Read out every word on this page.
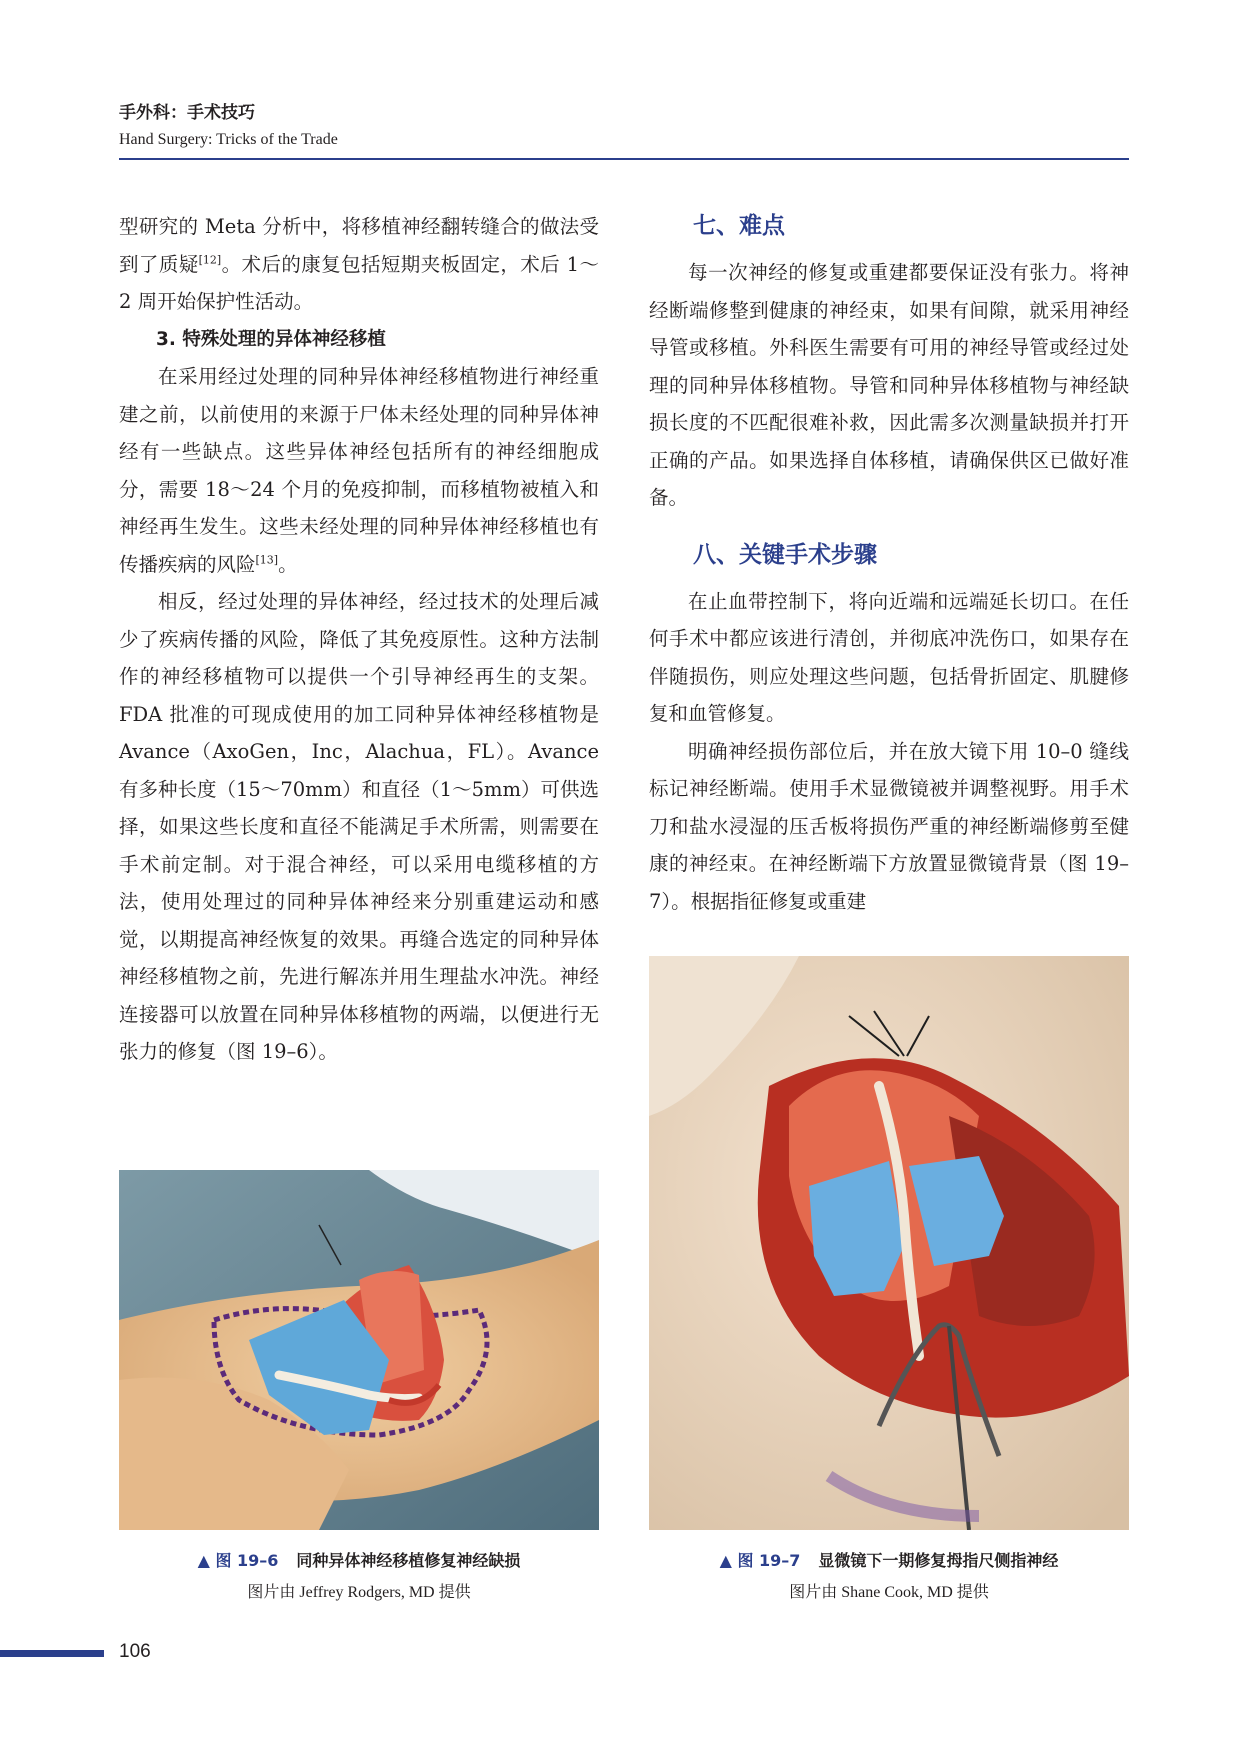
手外科：手术技巧
Hand Surgery: Tricks of the Trade

型研究的 Meta 分析中，将移植神经翻转缝合的做法受到了质疑[12]。术后的康复包括短期夹板固定，术后 1～2 周开始保护性活动。

3. 特殊处理的异体神经移植

在采用经过处理的同种异体神经移植物进行神经重建之前，以前使用的来源于尸体未经处理的同种异体神经有一些缺点。这些异体神经包括所有的神经细胞成分，需要 18～24 个月的免疫抑制，而移植物被植入和神经再生发生。这些未经处理的同种异体神经移植也有传播疾病的风险[13]。

相反，经过处理的异体神经，经过技术的处理后减少了疾病传播的风险，降低了其免疫原性。这种方法制作的神经移植物可以提供一个引导神经再生的支架。FDA 批准的可现成使用的加工同种异体神经移植物是 Avance（AxoGen，Inc，Alachua，FL）。Avance 有多种长度（15～70mm）和直径（1～5mm）可供选择，如果这些长度和直径不能满足手术所需，则需要在手术前定制。对于混合神经，可以采用电缆移植的方法，使用处理过的同种异体神经来分别重建运动和感觉，以期提高神经恢复的效果。再缝合选定的同种异体神经移植物之前，先进行解冻并用生理盐水冲洗。神经连接器可以放置在同种异体移植物的两端，以便进行无张力的修复（图 19–6）。

七、难点

每一次神经的修复或重建都要保证没有张力。将神经断端修整到健康的神经束，如果有间隙，就采用神经导管或移植。外科医生需要有可用的神经导管或经过处理的同种异体移植物。导管和同种异体移植物与神经缺损长度的不匹配很难补救，因此需多次测量缺损并打开正确的产品。如果选择自体移植，请确保供区已做好准备。

八、关键手术步骤

在止血带控制下，将向近端和远端延长切口。在任何手术中都应该进行清创，并彻底冲洗伤口，如果存在伴随损伤，则应处理这些问题，包括骨折固定、肌腱修复和血管修复。

明确神经损伤部位后，并在放大镜下用 10–0 缝线标记神经断端。使用手术显微镜被并调整视野。用手术刀和盐水浸湿的压舌板将损伤严重的神经断端修剪至健康的神经束。在神经断端下方放置显微镜背景（图 19–7）。根据指征修复或重建

▲ 图 19–6 同种异体神经移植修复神经缺损
图片由 Jeffrey Rodgers, MD 提供
▲ 图 19–7 显微镜下一期修复拇指尺侧指神经
图片由 Shane Cook, MD 提供
106
